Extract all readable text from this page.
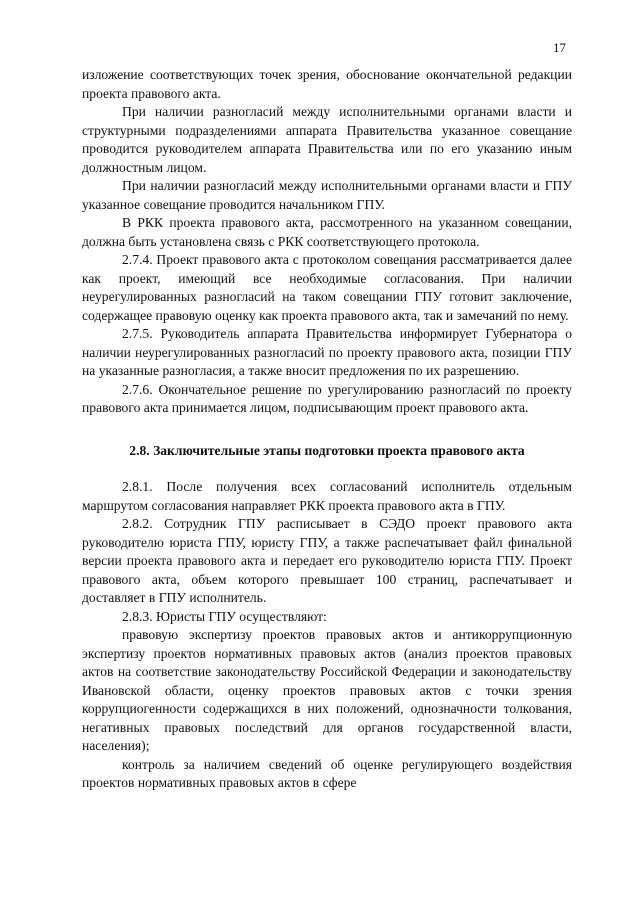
17

изложение соответствующих точек зрения, обоснование окончательной редакции проекта правового акта.

При наличии разногласий между исполнительными органами власти и структурными подразделениями аппарата Правительства указанное совещание проводится руководителем аппарата Правительства или по его указанию иным должностным лицом.

При наличии разногласий между исполнительными органами власти и ГПУ указанное совещание проводится начальником ГПУ.

В РКК проекта правового акта, рассмотренного на указанном совещании, должна быть установлена связь с РКК соответствующего протокола.

2.7.4. Проект правового акта с протоколом совещания рассматривается далее как проект, имеющий все необходимые согласования. При наличии неурегулированных разногласий на таком совещании ГПУ готовит заключение, содержащее правовую оценку как проекта правового акта, так и замечаний по нему.

2.7.5. Руководитель аппарата Правительства информирует Губернатора о наличии неурегулированных разногласий по проекту правового акта, позиции ГПУ на указанные разногласия, а также вносит предложения по их разрешению.

2.7.6. Окончательное решение по урегулированию разногласий по проекту правового акта принимается лицом, подписывающим проект правового акта.

2.8. Заключительные этапы подготовки проекта правового акта

2.8.1. После получения всех согласований исполнитель отдельным маршрутом согласования направляет РКК проекта правового акта в ГПУ.

2.8.2. Сотрудник ГПУ расписывает в СЭДО проект правового акта руководителю юриста ГПУ, юристу ГПУ, а также распечатывает файл финальной версии проекта правового акта и передает его руководителю юриста ГПУ. Проект правового акта, объем которого превышает 100 страниц, распечатывает и доставляет в ГПУ исполнитель.

2.8.3. Юристы ГПУ осуществляют:

правовую экспертизу проектов правовых актов и антикоррупционную экспертизу проектов нормативных правовых актов (анализ проектов правовых актов на соответствие законодательству Российской Федерации и законодательству Ивановской области, оценку проектов правовых актов с точки зрения коррупциогенности содержащихся в них положений, однозначности толкования, негативных правовых последствий для органов государственной власти, населения);

контроль за наличием сведений об оценке регулирующего воздействия проектов нормативных правовых актов в сфере
